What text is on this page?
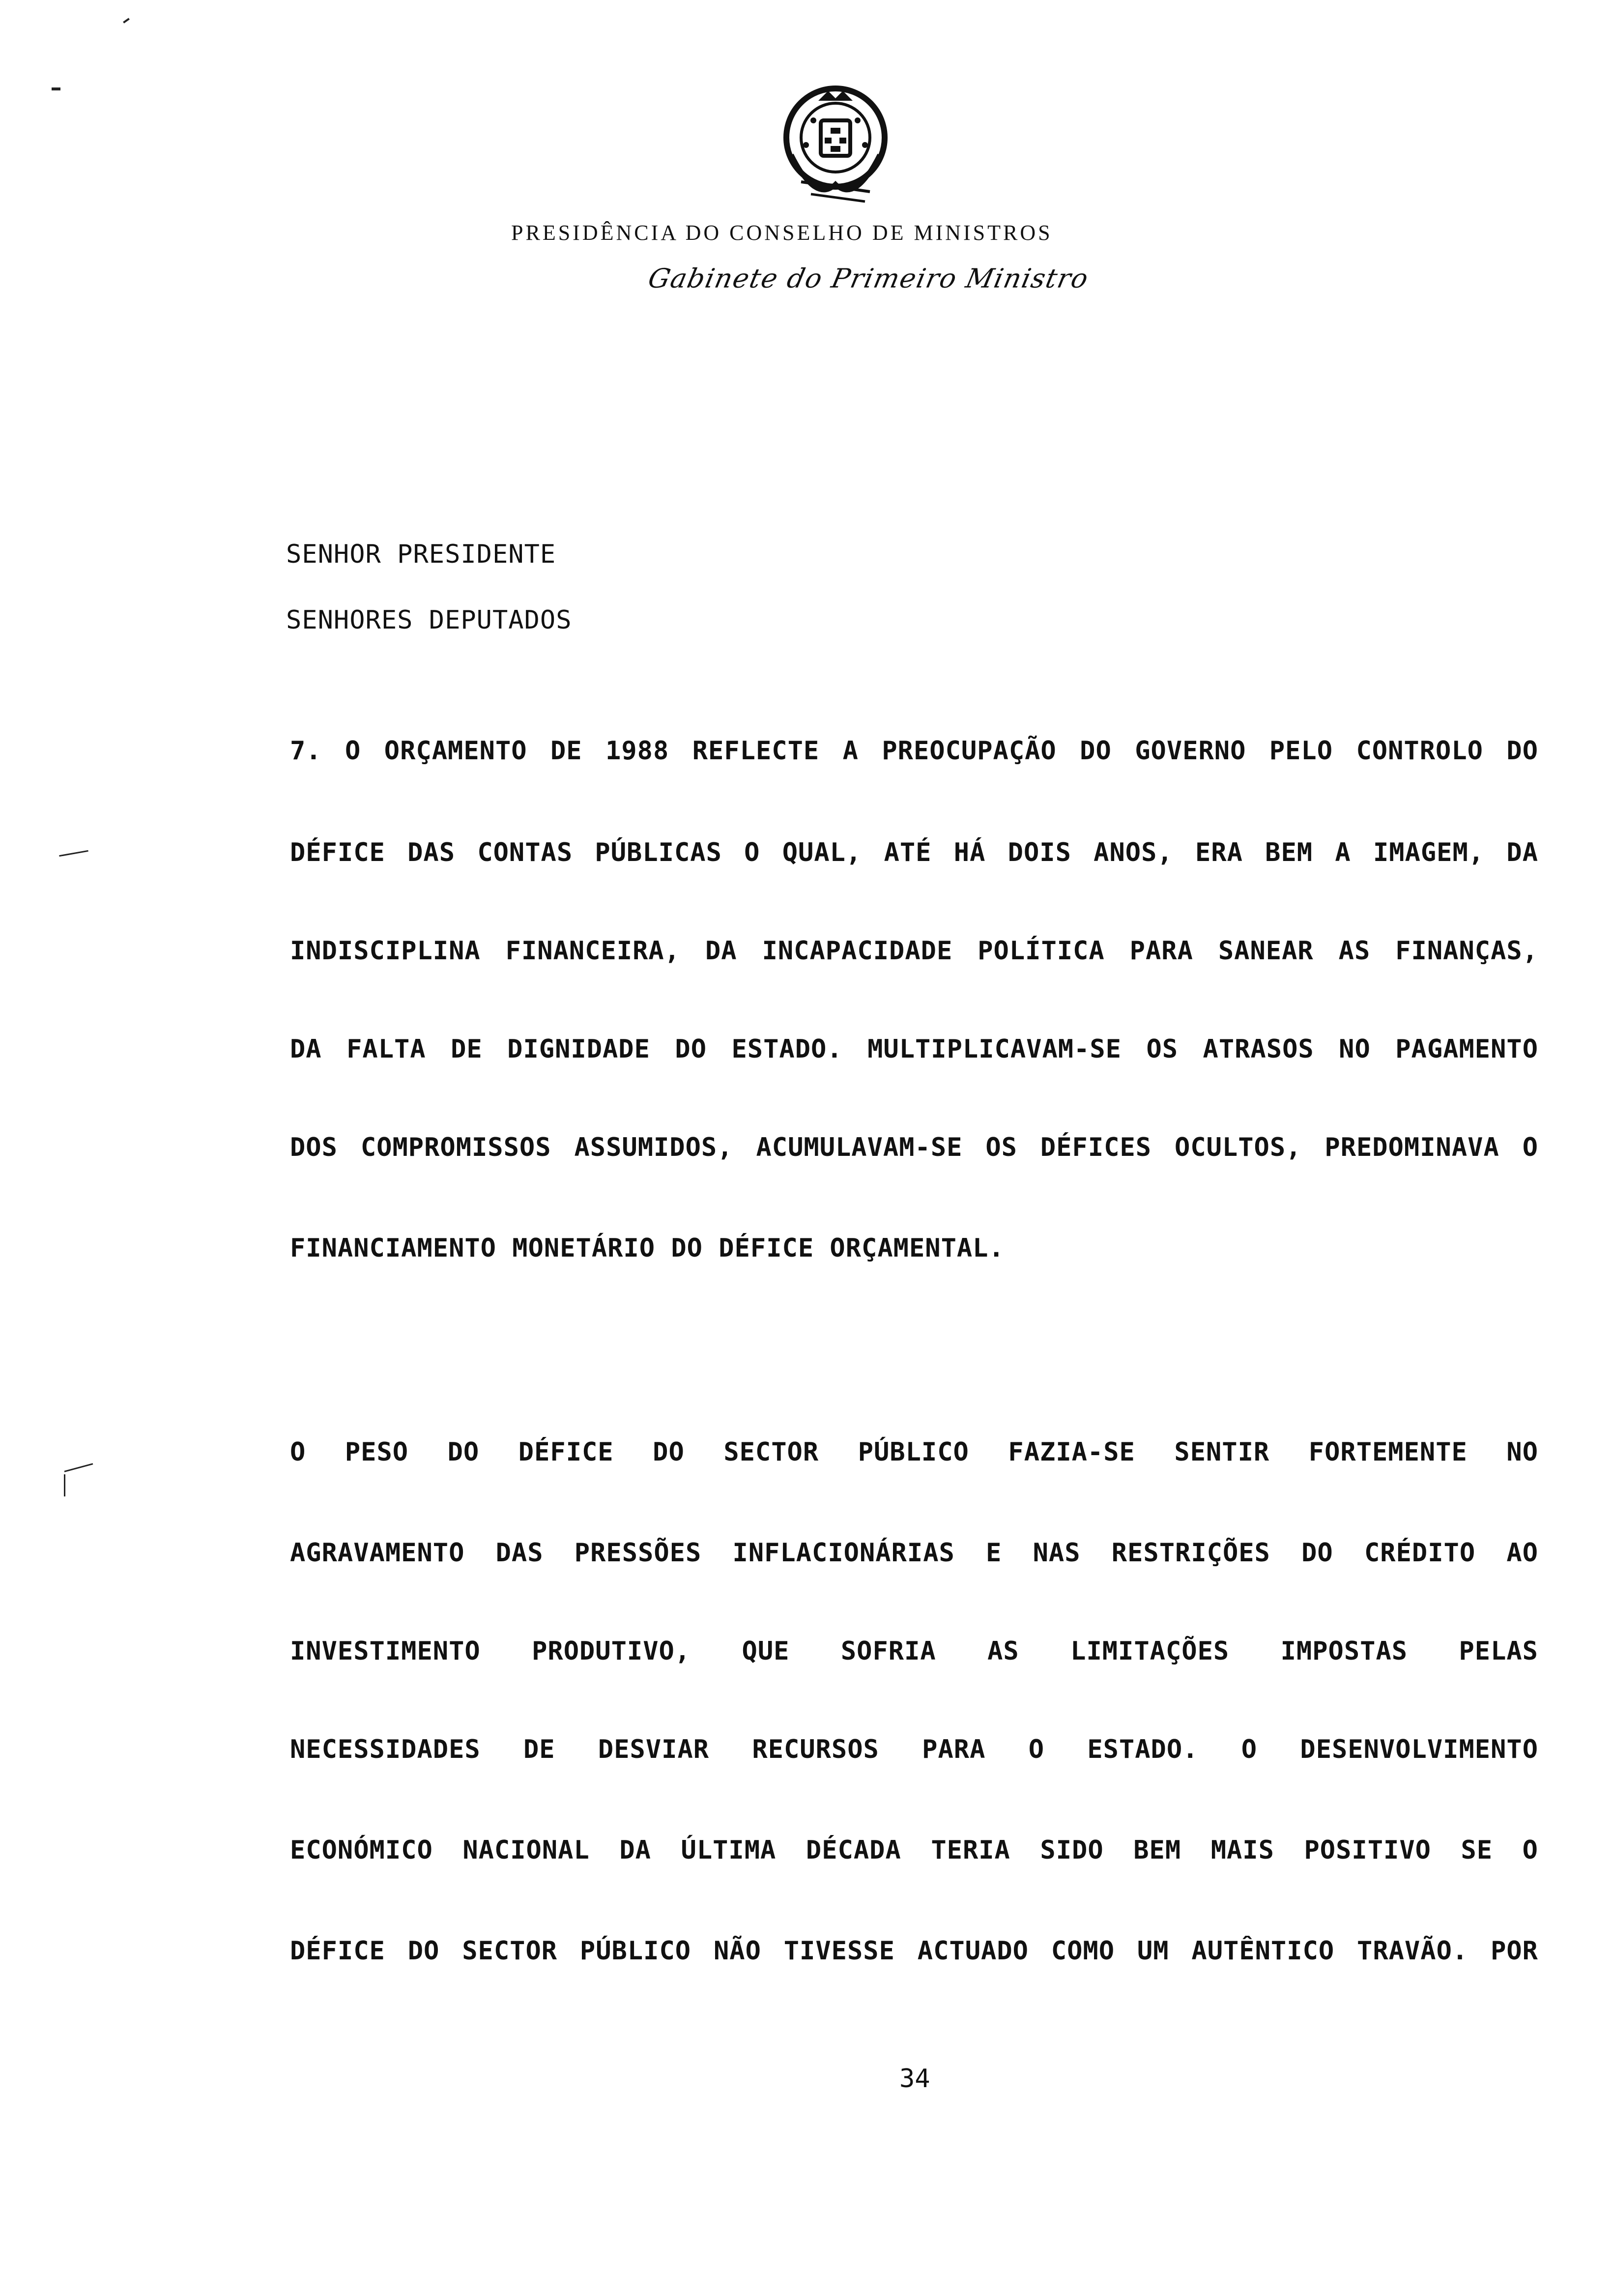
PRESIDÊNCIA DO CONSELHO DE MINISTROS
Gabinete do Primeiro Ministro
SENHOR PRESIDENTE
SENHORES DEPUTADOS
7. O ORÇAMENTO DE 1988 REFLECTE A PREOCUPAÇÃO DO GOVERNO PELO CONTROLO DO
DÉFICE DAS CONTAS PÚBLICAS O QUAL, ATÉ HÁ DOIS ANOS, ERA BEM A IMAGEM, DA
INDISCIPLINA FINANCEIRA, DA INCAPACIDADE POLÍTICA PARA SANEAR AS FINANÇAS,
DA FALTA DE DIGNIDADE DO ESTADO. MULTIPLICAVAM-SE OS ATRASOS NO PAGAMENTO
DOS COMPROMISSOS ASSUMIDOS, ACUMULAVAM-SE OS DÉFICES OCULTOS, PREDOMINAVA O
FINANCIAMENTO MONETÁRIO DO DÉFICE ORÇAMENTAL.
O PESO DO DÉFICE DO SECTOR PÚBLICO FAZIA-SE SENTIR FORTEMENTE NO
AGRAVAMENTO DAS PRESSÕES INFLACIONÁRIAS E NAS RESTRIÇÕES DO CRÉDITO AO
INVESTIMENTO PRODUTIVO, QUE SOFRIA AS LIMITAÇÕES IMPOSTAS PELAS
NECESSIDADES DE DESVIAR RECURSOS PARA O ESTADO. O DESENVOLVIMENTO
ECONÓMICO NACIONAL DA ÚLTIMA DÉCADA TERIA SIDO BEM MAIS POSITIVO SE O
DÉFICE DO SECTOR PÚBLICO NÃO TIVESSE ACTUADO COMO UM AUTÊNTICO TRAVÃO. POR
34
